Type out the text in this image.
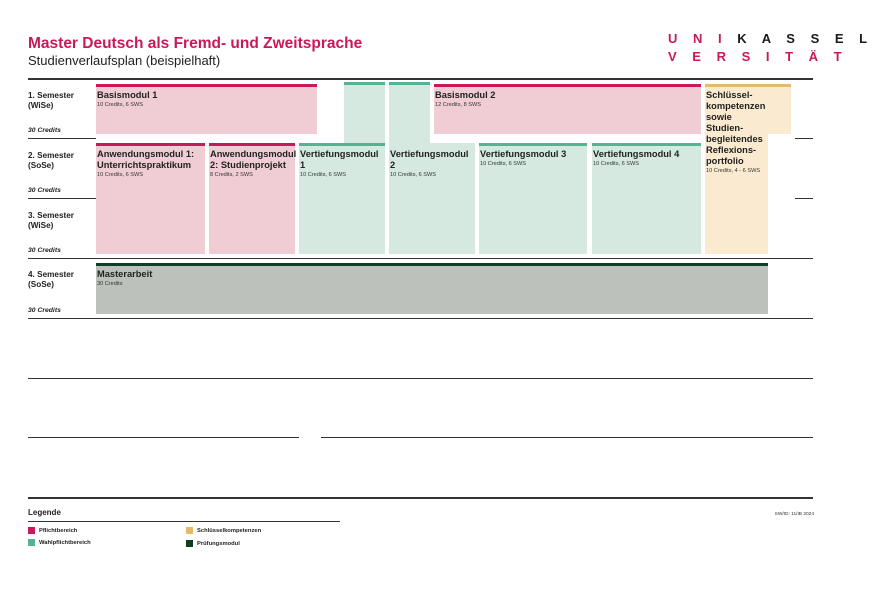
Master Deutsch als Fremd- und Zweitsprache
Studienverlaufsplan (beispielhaft)
U N I K A S S E L
V E R S I T Ä T
1. Semester
(WiSe)
30 Credits
2. Semester
(SoSe)
30 Credits
3. Semester
(WiSe)
30 Credits
4. Semester
(SoSe)
30 Credits
Basismodul 1
10 Credits, 6 SWS
Basismodul 2
12 Credits, 8 SWS
Anwendungsmodul 1: Unterrichtspraktikum
10 Credits, 6 SWS
Anwendungsmodul 2: Studienprojekt
8 Credits, 2 SWS
Vertiefungsmodul 1
10 Credits, 6 SWS
Vertiefungsmodul 2
10 Credits, 6 SWS
Vertiefungsmodul 3
10 Credits, 6 SWS
Vertiefungsmodul 4
10 Credits, 6 SWS
Schlüssel-kompetenzen sowie Studien-begleitendes Reflexions-portfolio
10 Credits, 4 - 6 SWS
Masterarbeit
30 Credits
Legende
Pflichtbereich
Wahlpflichtbereich
Schlüsselkompetenzen
Prüfungsmodul
SW/ID: 11/IB 2024
